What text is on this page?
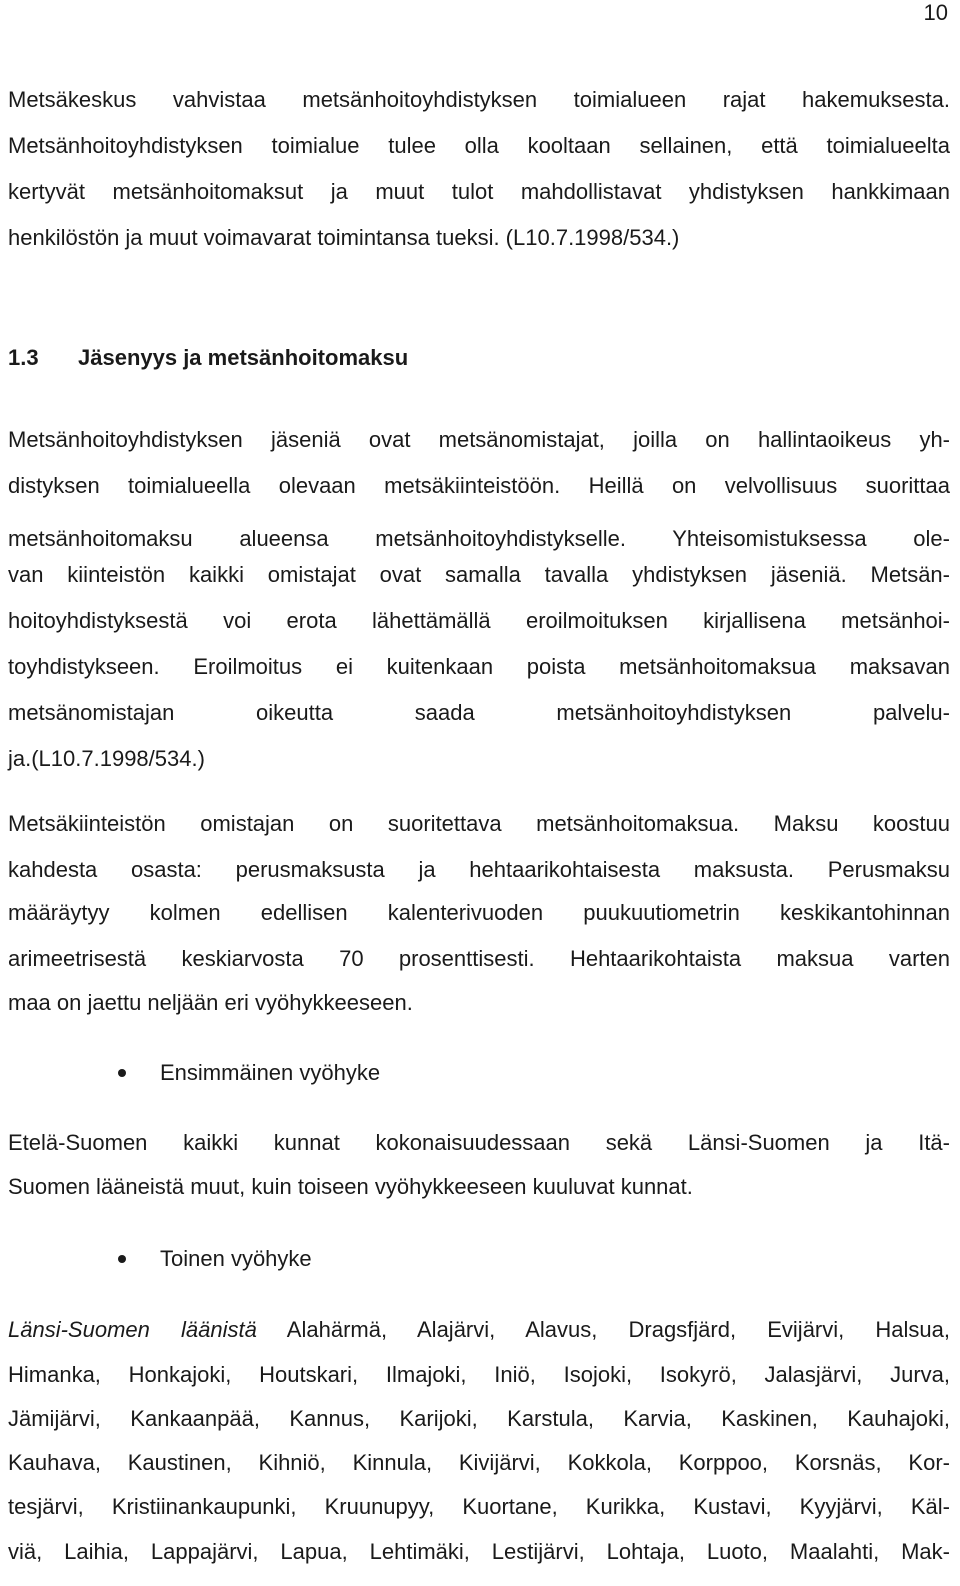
10
Metsäkeskus vahvistaa metsänhoitoyhdistyksen toimialueen rajat hakemuksesta.
Metsänhoitoyhdistyksen toimialue tulee olla kooltaan sellainen, että toimialueelta
kertyvät metsänhoitomaksut ja muut tulot mahdollistavat yhdistyksen hankkimaan
henkilöstön ja muut voimavarat toimintansa tueksi. (L10.7.1998/534.)
1.3 Jäsenyys ja metsänhoitomaksu
Metsänhoitoyhdistyksen jäseniä ovat metsänomistajat, joilla on hallintaoikeus yh-
distyksen toimialueella olevaan metsäkiinteistöön. Heillä on velvollisuus suorittaa
metsänhoitomaksu alueensa metsänhoitoyhdistykselle. Yhteisomistuksessa ole-
van kiinteistön kaikki omistajat ovat samalla tavalla yhdistyksen jäseniä. Metsän-
hoitoyhdistyksestä voi erota lähettämällä eroilmoituksen kirjallisena metsänhoi-
toyhdistykseen. Eroilmoitus ei kuitenkaan poista metsänhoitomaksua maksavan
metsänomistajan oikeutta saada metsänhoitoyhdistyksen palvelu-
ja.(L10.7.1998/534.)
Metsäkiinteistön omistajan on suoritettava metsänhoitomaksua. Maksu koostuu
kahdesta osasta: perusmaksusta ja hehtaarikohtaisesta maksusta. Perusmaksu
määräytyy kolmen edellisen kalenterivuoden puukuutiometrin keskikantohinnan
arimeetrisestä keskiarvosta 70 prosenttisesti. Hehtaarikohtaista maksua varten
maa on jaettu neljään eri vyöhykkeeseen.
Ensimmäinen vyöhyke
Etelä-Suomen kaikki kunnat kokonaisuudessaan sekä Länsi-Suomen ja Itä-
Suomen lääneistä muut, kuin toiseen vyöhykkeeseen kuuluvat kunnat.
Toinen vyöhyke
Länsi-Suomen läänistä Alahärmä, Alajärvi, Alavus, Dragsfjärd, Evijärvi, Halsua,
Himanka, Honkajoki, Houtskari, Ilmajoki, Iniö, Isojoki, Isokyrö, Jalasjärvi, Jurva,
Jämijärvi, Kankaanpää, Kannus, Karijoki, Karstula, Karvia, Kaskinen, Kauhajoki,
Kauhava, Kaustinen, Kihniö, Kinnula, Kivijärvi, Kokkola, Korppoo, Korsnäs, Kor-
tesjärvi, Kristiinankaupunki, Kruunupyy, Kuortane, Kurikka, Kustavi, Kyyjärvi, Käl-
viä, Laihia, Lappajärvi, Lapua, Lehtimäki, Lestijärvi, Lohtaja, Luoto, Maalahti, Mak-
